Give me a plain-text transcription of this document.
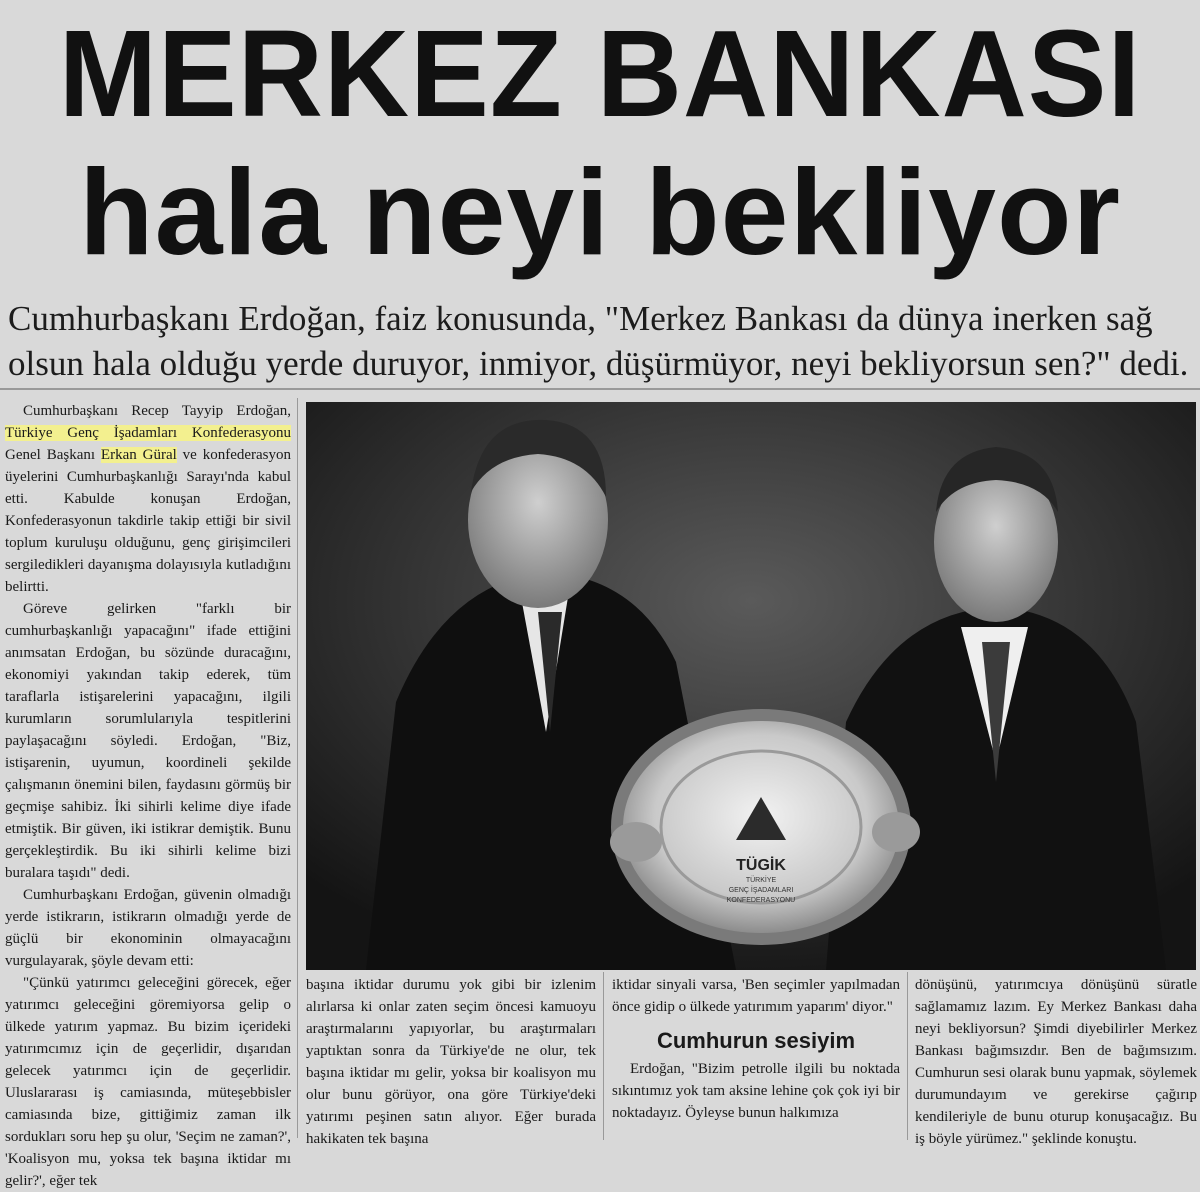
MERKEZ BANKASI
hala neyi bekliyor
Cumhurbaşkanı Erdoğan, faiz konusunda, "Merkez Bankası da dünya inerken sağ olsun hala olduğu yerde duruyor, inmiyor, düşürmüyor, neyi bekliyorsun sen?" dedi.

Cumhurbaşkanı Recep Tayyip Erdoğan, Türkiye Genç İşadamları Konfederasyonu Genel Başkanı Erkan Güral ve konfederasyon üyelerini Cumhurbaşkanlığı Sarayı'nda kabul etti. Kabulde konuşan Erdoğan, Konfederasyonun takdirle takip ettiği bir sivil toplum kuruluşu olduğunu, genç girişimcileri sergiledikleri dayanışma dolayısıyla kutladığını belirtti.

Göreve gelirken "farklı bir cumhurbaşkanlığı yapacağını" ifade ettiğini anımsatan Erdoğan, bu sözünde duracağını, ekonomiyi yakından takip ederek, tüm taraflarla istişarelerini yapacağını, ilgili kurumların sorumlularıyla tespitlerini paylaşacağını söyledi. Erdoğan, "Biz, istişarenin, uyumun, koordineli şekilde çalışmanın önemini bilen, faydasını görmüş bir geçmişe sahibiz. İki sihirli kelime diye ifade etmiştik. Bir güven, iki istikrar demiştik. Bunu gerçekleştirdik. Bu iki sihirli kelime bizi buralara taşıdı" dedi.

Cumhurbaşkanı Erdoğan, güvenin olmadığı yerde istikrarın, istikrarın olmadığı yerde de güçlü bir ekonominin olmayacağını vurgulayarak, şöyle devam etti:

"Çünkü yatırımcı geleceğini görecek, eğer yatırımcı geleceğini göremiyorsa gelip o ülkede yatırım yapmaz. Bu bizim içerideki yatırımcımız için de geçerlidir, dışarıdan gelecek yatırımcı için de geçerlidir. Uluslararası iş camiasında, müteşebbisler camiasında bize, gittiğimiz zaman ilk sordukları soru hep şu olur, 'Seçim ne zaman?', 'Koalisyon mu, yoksa tek başına iktidar mı gelir?', eğer tek

TÜGİK
TÜRKİYE
GENÇ İŞADAMLARI
KONFEDERASYONU

başına iktidar durumu yok gibi bir izlenim alırlarsa ki onlar zaten seçim öncesi kamuoyu araştırmalarını yapıyorlar, bu araştırmaları yaptıktan sonra da Türkiye'de ne olur, tek başına iktidar mı gelir, yoksa bir koalisyon mu olur bunu görüyor, ona göre Türkiye'deki yatırımı peşinen satın alıyor. Eğer burada hakikaten tek başına

iktidar sinyali varsa, 'Ben seçimler yapılmadan önce gidip o ülkede yatırımım yaparım' diyor."

Cumhurun sesiyim

Erdoğan, "Bizim petrolle ilgili bu noktada sıkıntımız yok tam aksine lehine çok çok iyi bir noktadayız. Öyleyse bunun halkımıza

dönüşünü, yatırımcıya dönüşünü süratle sağlamamız lazım. Ey Merkez Bankası daha neyi bekliyorsun? Şimdi diyebilirler Merkez Bankası bağımsızdır. Ben de bağımsızım. Cumhurun sesi olarak bunu yapmak, söylemek durumundayım ve gerekirse çağırıp kendileriyle de bunu oturup konuşacağız. Bu iş böyle yürümez." şeklinde konuştu.
